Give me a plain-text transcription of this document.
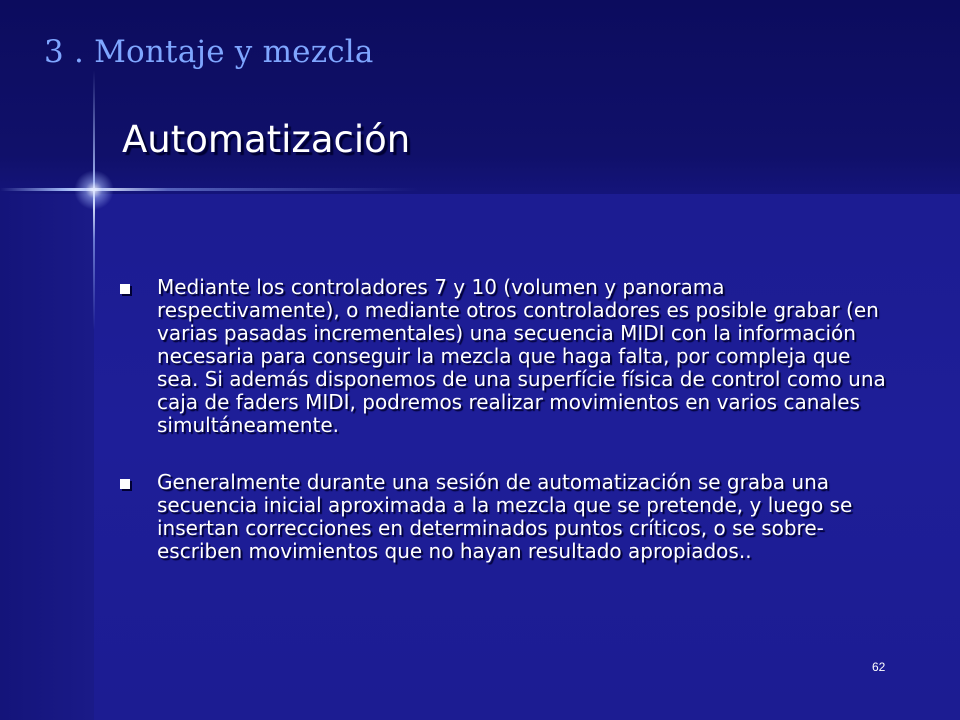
3 . Montaje y mezcla
Automatización
Mediante los controladores 7 y 10 (volumen y panorama respectivamente), o mediante otros controladores es posible grabar (en varias pasadas incrementales) una secuencia MIDI con la información necesaria para conseguir la mezcla que haga falta, por compleja que sea. Si además disponemos de una superfície física de control como una caja de faders MIDI, podremos realizar movimientos en varios canales simultáneamente.
Generalmente durante una sesión de automatización se graba una secuencia inicial aproximada a la mezcla que se pretende, y luego se insertan correcciones en determinados puntos críticos, o se sobre-escriben movimientos que no hayan resultado apropiados..
62
